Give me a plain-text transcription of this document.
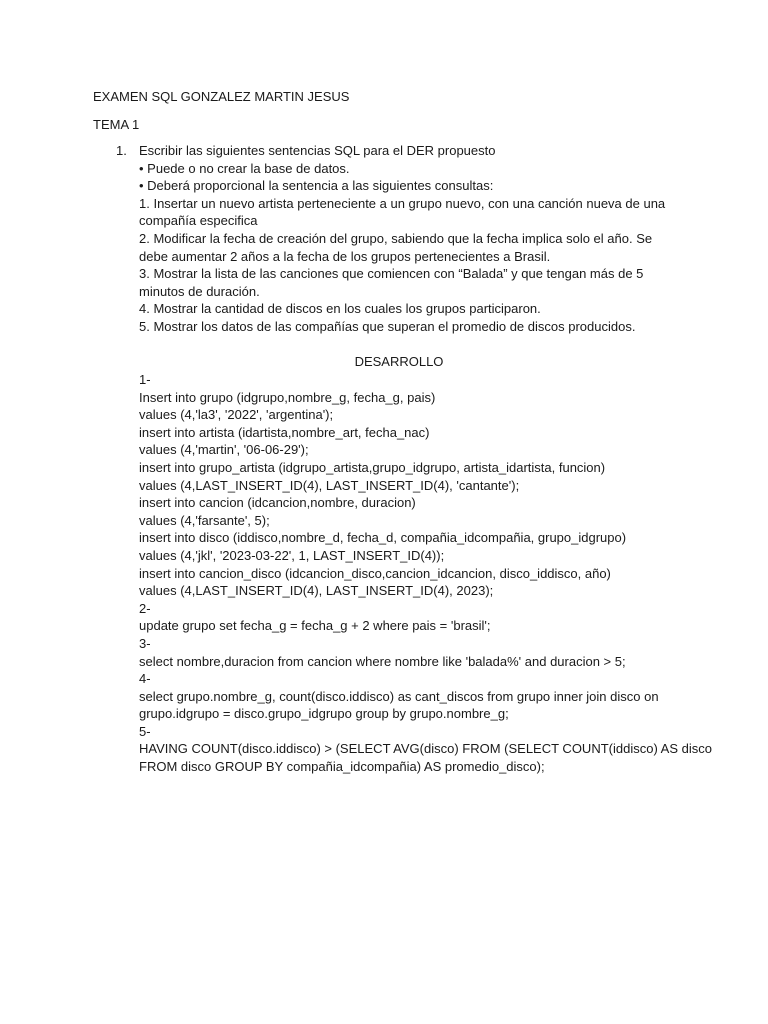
EXAMEN SQL GONZALEZ MARTIN JESUS
TEMA 1
1. Escribir las siguientes sentencias SQL para el DER propuesto
• Puede o no crear la base de datos.
• Deberá proporcional la sentencia a las siguientes consultas:
1. Insertar un nuevo artista perteneciente a un grupo nuevo, con una canción nueva de una
compañía especifica
2. Modificar la fecha de creación del grupo, sabiendo que la fecha implica solo el año. Se
debe aumentar 2 años a la fecha de los grupos pertenecientes a Brasil.
3. Mostrar la lista de las canciones que comiencen con “Balada” y que tengan más de 5
minutos de duración.
4. Mostrar la cantidad de discos en los cuales los grupos participaron.
5. Mostrar los datos de las compañías que superan el promedio de discos producidos.
DESARROLLO
1-
Insert into grupo (idgrupo,nombre_g, fecha_g, pais)
values (4,'la3', '2022', 'argentina');
insert into artista (idartista,nombre_art, fecha_nac)
values (4,'martin', '06-06-29');
insert into grupo_artista (idgrupo_artista,grupo_idgrupo, artista_idartista, funcion)
values (4,LAST_INSERT_ID(4), LAST_INSERT_ID(4), 'cantante');
insert into cancion (idcancion,nombre, duracion)
values (4,'farsante', 5);
insert into disco (iddisco,nombre_d, fecha_d, compañia_idcompañia, grupo_idgrupo)
values (4,'jkl', '2023-03-22', 1, LAST_INSERT_ID(4));
insert into cancion_disco (idcancion_disco,cancion_idcancion, disco_iddisco, año)
values (4,LAST_INSERT_ID(4), LAST_INSERT_ID(4), 2023);
2-
update grupo set fecha_g = fecha_g + 2 where pais = 'brasil';
3-
select nombre,duracion from cancion where nombre like 'balada%' and duracion > 5;
4-
select grupo.nombre_g, count(disco.iddisco) as cant_discos from grupo inner join disco on
grupo.idgrupo = disco.grupo_idgrupo group by grupo.nombre_g;
5-
HAVING COUNT(disco.iddisco) > (SELECT AVG(disco) FROM (SELECT COUNT(iddisco) AS disco
FROM disco GROUP BY compañia_idcompañia) AS promedio_disco);
